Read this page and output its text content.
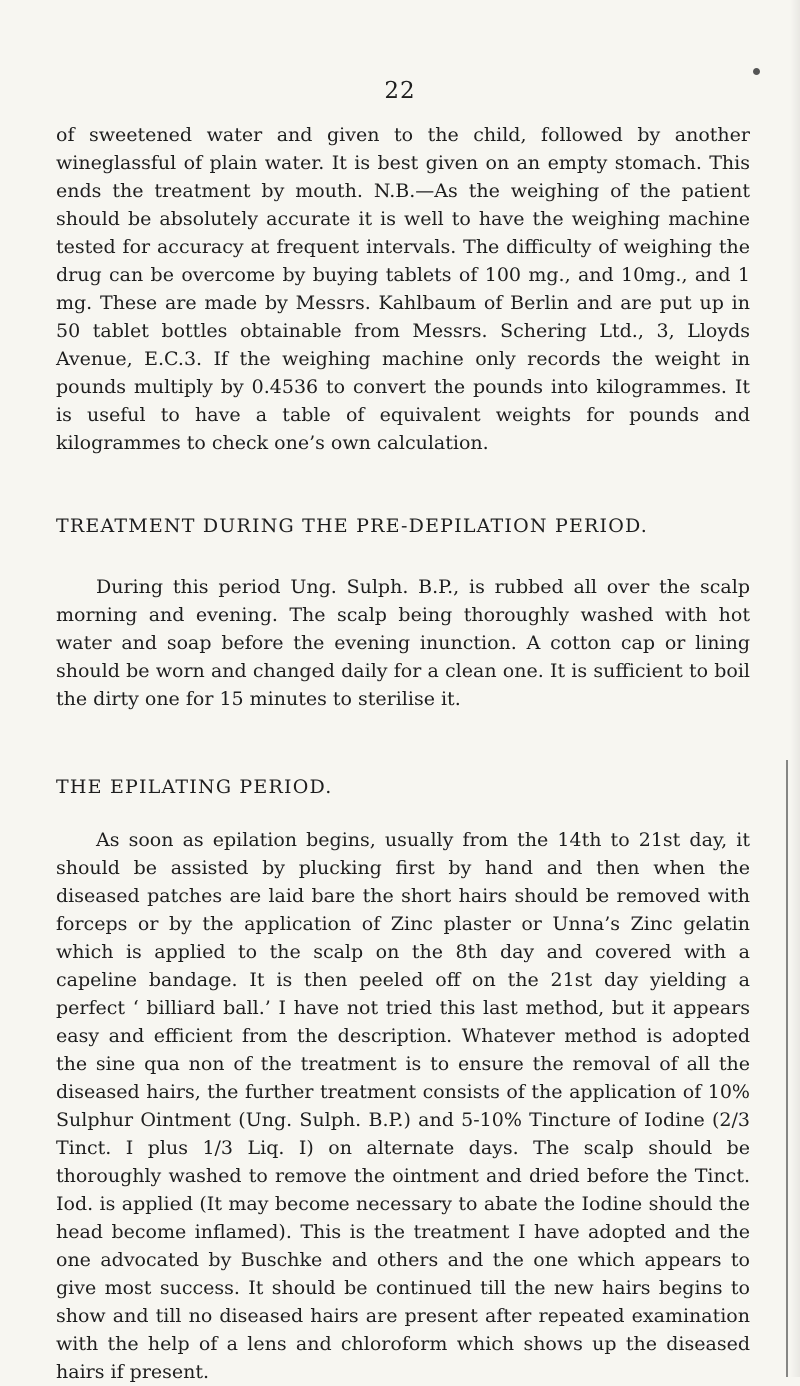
22

of sweetened water and given to the child, followed by another wineglassful of plain water. It is best given on an empty stomach. This ends the treatment by mouth. N.B.—As the weighing of the patient should be absolutely accurate it is well to have the weighing machine tested for accuracy at frequent intervals. The difficulty of weighing the drug can be overcome by buying tablets of 100 mg., and 10mg., and 1 mg. These are made by Messrs. Kahlbaum of Berlin and are put up in 50 tablet bottles obtainable from Messrs. Schering Ltd., 3, Lloyds Avenue, E.C.3. If the weighing machine only records the weight in pounds multiply by 0.4536 to convert the pounds into kilogrammes. It is useful to have a table of equivalent weights for pounds and kilogrammes to check one’s own calculation.

TREATMENT DURING THE PRE-DEPILATION PERIOD.

During this period Ung. Sulph. B.P., is rubbed all over the scalp morning and evening. The scalp being thoroughly washed with hot water and soap before the evening inunction. A cotton cap or lining should be worn and changed daily for a clean one. It is sufficient to boil the dirty one for 15 minutes to sterilise it.

THE EPILATING PERIOD.

As soon as epilation begins, usually from the 14th to 21st day, it should be assisted by plucking first by hand and then when the diseased patches are laid bare the short hairs should be removed with forceps or by the application of Zinc plaster or Unna’s Zinc gelatin which is applied to the scalp on the 8th day and covered with a capeline bandage. It is then peeled off on the 21st day yielding a perfect ‘ billiard ball.’ I have not tried this last method, but it appears easy and efficient from the description. Whatever method is adopted the sine qua non of the treatment is to ensure the removal of all the diseased hairs, the further treatment consists of the application of 10% Sulphur Ointment (Ung. Sulph. B.P.) and 5-10% Tincture of Iodine (2/3 Tinct. I plus 1/3 Liq. I) on alternate days. The scalp should be thoroughly washed to remove the ointment and dried before the Tinct. Iod. is applied (It may become necessary to abate the Iodine should the head become inflamed). This is the treatment I have adopted and the one advocated by Buschke and others and the one which appears to give most success. It should be continued till the new hairs begins to show and till no diseased hairs are present after repeated examination with the help of a lens and chloroform which shows up the diseased hairs if present.
